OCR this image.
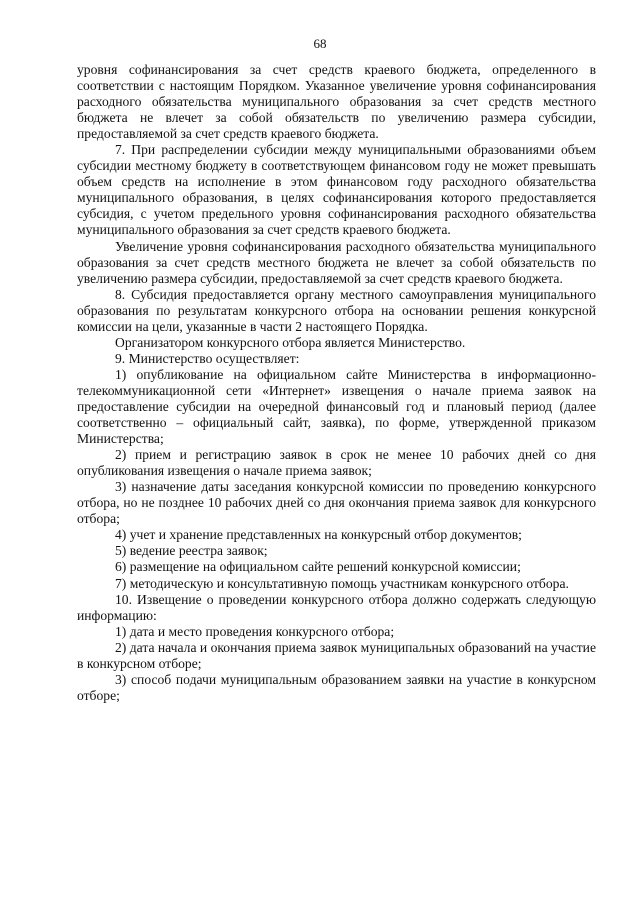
68

уровня софинансирования за счет средств краевого бюджета, определенного в соответствии с настоящим Порядком. Указанное увеличение уровня софинансирования расходного обязательства муниципального образования за счет средств местного бюджета не влечет за собой обязательств по увеличению размера субсидии, предоставляемой за счет средств краевого бюджета.

7. При распределении субсидии между муниципальными образованиями объем субсидии местному бюджету в соответствующем финансовом году не может превышать объем средств на исполнение в этом финансовом году расходного обязательства муниципального образования, в целях софинансирования которого предоставляется субсидия, с учетом предельного уровня софинансирования расходного обязательства муниципального образования за счет средств краевого бюджета.

Увеличение уровня софинансирования расходного обязательства муниципального образования за счет средств местного бюджета не влечет за собой обязательств по увеличению размера субсидии, предоставляемой за счет средств краевого бюджета.

8. Субсидия предоставляется органу местного самоуправления муниципального образования по результатам конкурсного отбора на основании решения конкурсной комиссии на цели, указанные в части 2 настоящего Порядка.

Организатором конкурсного отбора является Министерство.

9. Министерство осуществляет:

1) опубликование на официальном сайте Министерства в информационно-телекоммуникационной сети «Интернет» извещения о начале приема заявок на предоставление субсидии на очередной финансовый год и плановый период (далее соответственно – официальный сайт, заявка), по форме, утвержденной приказом Министерства;

2) прием и регистрацию заявок в срок не менее 10 рабочих дней со дня опубликования извещения о начале приема заявок;

3) назначение даты заседания конкурсной комиссии по проведению конкурсного отбора, но не позднее 10 рабочих дней со дня окончания приема заявок для конкурсного отбора;

4) учет и хранение представленных на конкурсный отбор документов;

5) ведение реестра заявок;

6) размещение на официальном сайте решений конкурсной комиссии;

7) методическую и консультативную помощь участникам конкурсного отбора.

10. Извещение о проведении конкурсного отбора должно содержать следующую информацию:

1) дата и место проведения конкурсного отбора;

2) дата начала и окончания приема заявок муниципальных образований на участие в конкурсном отборе;

3) способ подачи муниципальным образованием заявки на участие в конкурсном отборе;
